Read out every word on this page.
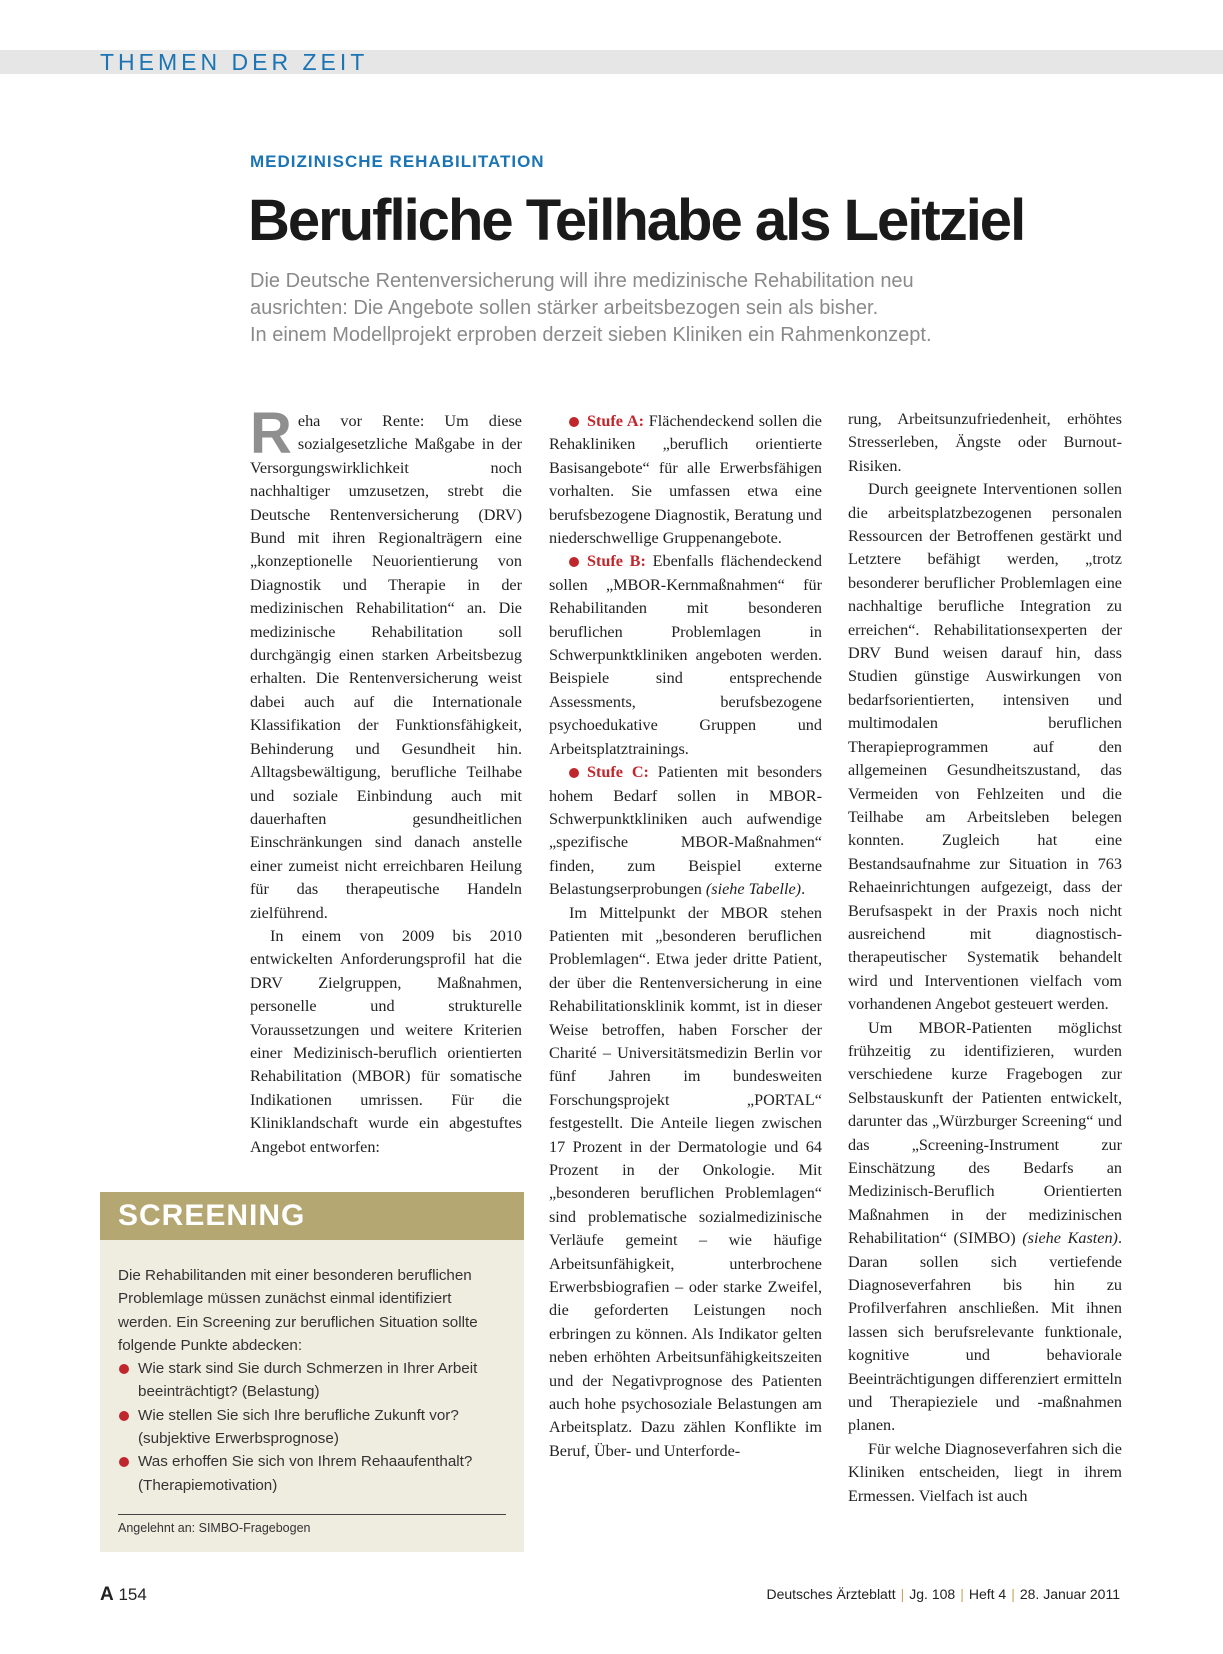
THEMEN DER ZEIT
MEDIZINISCHE REHABILITATION
Berufliche Teilhabe als Leitziel
Die Deutsche Rentenversicherung will ihre medizinische Rehabilitation neu
ausrichten: Die Angebote sollen stärker arbeitsbezogen sein als bisher.
In einem Modellprojekt erproben derzeit sieben Kliniken ein Rahmenkonzept.

Reha vor Rente: Um diese sozialgesetzliche Maßgabe in der Versorgungswirklichkeit noch nachhaltiger umzusetzen, strebt die Deutsche Rentenversicherung (DRV) Bund mit ihren Regionalträgern eine „konzeptionelle Neuorientierung von Diagnostik und Therapie in der medizinischen Rehabilitation“ an. Die medizinische Rehabilitation soll durchgängig einen starken Arbeitsbezug erhalten. Die Rentenversicherung weist dabei auch auf die Internationale Klassifikation der Funktionsfähigkeit, Behinderung und Gesundheit hin. Alltagsbewältigung, berufliche Teilhabe und soziale Einbindung auch mit dauerhaften gesundheitlichen Einschränkungen sind danach anstelle einer zumeist nicht erreichbaren Heilung für das therapeutische Handeln zielführend.

In einem von 2009 bis 2010 entwickelten Anforderungsprofil hat die DRV Zielgruppen, Maßnahmen, personelle und strukturelle Voraussetzungen und weitere Kriterien einer Medizinisch-beruflich orientierten Rehabilitation (MBOR) für somatische Indikationen umrissen. Für die Kliniklandschaft wurde ein abgestuftes Angebot entworfen:

Stufe A: Flächendeckend sollen die Rehakliniken „beruflich orientierte Basisangebote“ für alle Erwerbsfähigen vorhalten. Sie umfassen etwa eine berufsbezogene Diagnostik, Beratung und niederschwellige Gruppenangebote.

Stufe B: Ebenfalls flächendeckend sollen „MBOR-Kernmaßnahmen“ für Rehabilitanden mit besonderen beruflichen Problemlagen in Schwerpunktkliniken angeboten werden. Beispiele sind entsprechende Assessments, berufsbezogene psychoedukative Gruppen und Arbeitsplatztrainings.

Stufe C: Patienten mit besonders hohem Bedarf sollen in MBOR-Schwerpunktkliniken auch aufwendige „spezifische MBOR-Maßnahmen“ finden, zum Beispiel externe Belastungserprobungen (siehe Tabelle).

Im Mittelpunkt der MBOR stehen Patienten mit „besonderen beruflichen Problemlagen“. Etwa jeder dritte Patient, der über die Rentenversicherung in eine Rehabilitationsklinik kommt, ist in dieser Weise betroffen, haben Forscher der Charité – Universitätsmedizin Berlin vor fünf Jahren im bundesweiten Forschungsprojekt „PORTAL“ festgestellt. Die Anteile liegen zwischen 17 Prozent in der Dermatologie und 64 Prozent in der Onkologie. Mit „besonderen beruflichen Problemlagen“ sind problematische sozialmedizinische Verläufe gemeint – wie häufige Arbeitsunfähigkeit, unterbrochene Erwerbsbiografien – oder starke Zweifel, die geforderten Leistungen noch erbringen zu können. Als Indikator gelten neben erhöhten Arbeitsunfähigkeitszeiten und der Negativprognose des Patienten auch hohe psychosoziale Belastungen am Arbeitsplatz. Dazu zählen Konflikte im Beruf, Über- und Unterforde-

rung, Arbeitsunzufriedenheit, erhöhtes Stresserleben, Ängste oder Burnout-Risiken.

Durch geeignete Interventionen sollen die arbeitsplatzbezogenen personalen Ressourcen der Betroffenen gestärkt und Letztere befähigt werden, „trotz besonderer beruflicher Problemlagen eine nachhaltige berufliche Integration zu erreichen“. Rehabilitationsexperten der DRV Bund weisen darauf hin, dass Studien günstige Auswirkungen von bedarfsorientierten, intensiven und multimodalen beruflichen Therapieprogrammen auf den allgemeinen Gesundheitszustand, das Vermeiden von Fehlzeiten und die Teilhabe am Arbeitsleben belegen konnten. Zugleich hat eine Bestandsaufnahme zur Situation in 763 Rehaeinrichtungen aufgezeigt, dass der Berufsaspekt in der Praxis noch nicht ausreichend mit diagnostisch-therapeutischer Systematik behandelt wird und Interventionen vielfach vom vorhandenen Angebot gesteuert werden.

Um MBOR-Patienten möglichst frühzeitig zu identifizieren, wurden verschiedene kurze Fragebogen zur Selbstauskunft der Patienten entwickelt, darunter das „Würzburger Screening“ und das „Screening-Instrument zur Einschätzung des Bedarfs an Medizinisch-Beruflich Orientierten Maßnahmen in der medizinischen Rehabilitation“ (SIMBO) (siehe Kasten). Daran sollen sich vertiefende Diagnoseverfahren bis hin zu Profilverfahren anschließen. Mit ihnen lassen sich berufsrelevante funktionale, kognitive und behaviorale Beeinträchtigungen differenziert ermitteln und Therapieziele und -maßnahmen planen.

Für welche Diagnoseverfahren sich die Kliniken entscheiden, liegt in ihrem Ermessen. Vielfach ist auch

SCREENING
Die Rehabilitanden mit einer besonderen beruflichen Problemlage müssen zunächst einmal identifiziert werden. Ein Screening zur beruflichen Situation sollte folgende Punkte abdecken:
Wie stark sind Sie durch Schmerzen in Ihrer Arbeit beeinträchtigt? (Belastung)
Wie stellen Sie sich Ihre berufliche Zukunft vor? (subjektive Erwerbsprognose)
Was erhoffen Sie sich von Ihrem Rehaaufenthalt? (Therapiemotivation)
Angelehnt an: SIMBO-Fragebogen
A 154	Deutsches Ärzteblatt | Jg. 108 | Heft 4 | 28. Januar 2011
